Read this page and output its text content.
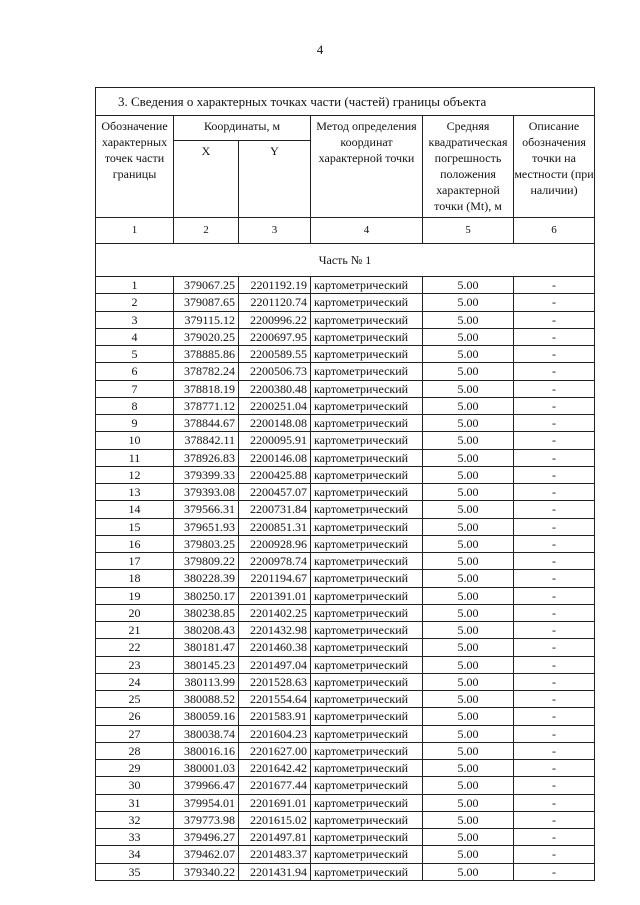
4
3. Сведения о характерных точках части (частей) границы объекта					
Обозначение характерных точек части границы	Координаты, м		Метод определения координат характерной точки	Средняя квадратическая погрешность положения характерной точки (Mt), м	Описание обозначения точки на местности (при наличии)
	X	Y			
1	2	3	4	5	6
Часть № 1					
1	379067.25	2201192.19	картометрический	5.00	-
2	379087.65	2201120.74	картометрический	5.00	-
3	379115.12	2200996.22	картометрический	5.00	-
4	379020.25	2200697.95	картометрический	5.00	-
5	378885.86	2200589.55	картометрический	5.00	-
6	378782.24	2200506.73	картометрический	5.00	-
7	378818.19	2200380.48	картометрический	5.00	-
8	378771.12	2200251.04	картометрический	5.00	-
9	378844.67	2200148.08	картометрический	5.00	-
10	378842.11	2200095.91	картометрический	5.00	-
11	378926.83	2200146.08	картометрический	5.00	-
12	379399.33	2200425.88	картометрический	5.00	-
13	379393.08	2200457.07	картометрический	5.00	-
14	379566.31	2200731.84	картометрический	5.00	-
15	379651.93	2200851.31	картометрический	5.00	-
16	379803.25	2200928.96	картометрический	5.00	-
17	379809.22	2200978.74	картометрический	5.00	-
18	380228.39	2201194.67	картометрический	5.00	-
19	380250.17	2201391.01	картометрический	5.00	-
20	380238.85	2201402.25	картометрический	5.00	-
21	380208.43	2201432.98	картометрический	5.00	-
22	380181.47	2201460.38	картометрический	5.00	-
23	380145.23	2201497.04	картометрический	5.00	-
24	380113.99	2201528.63	картометрический	5.00	-
25	380088.52	2201554.64	картометрический	5.00	-
26	380059.16	2201583.91	картометрический	5.00	-
27	380038.74	2201604.23	картометрический	5.00	-
28	380016.16	2201627.00	картометрический	5.00	-
29	380001.03	2201642.42	картометрический	5.00	-
30	379966.47	2201677.44	картометрический	5.00	-
31	379954.01	2201691.01	картометрический	5.00	-
32	379773.98	2201615.02	картометрический	5.00	-
33	379496.27	2201497.81	картометрический	5.00	-
34	379462.07	2201483.37	картометрический	5.00	-
35	379340.22	2201431.94	картометрический	5.00	-
